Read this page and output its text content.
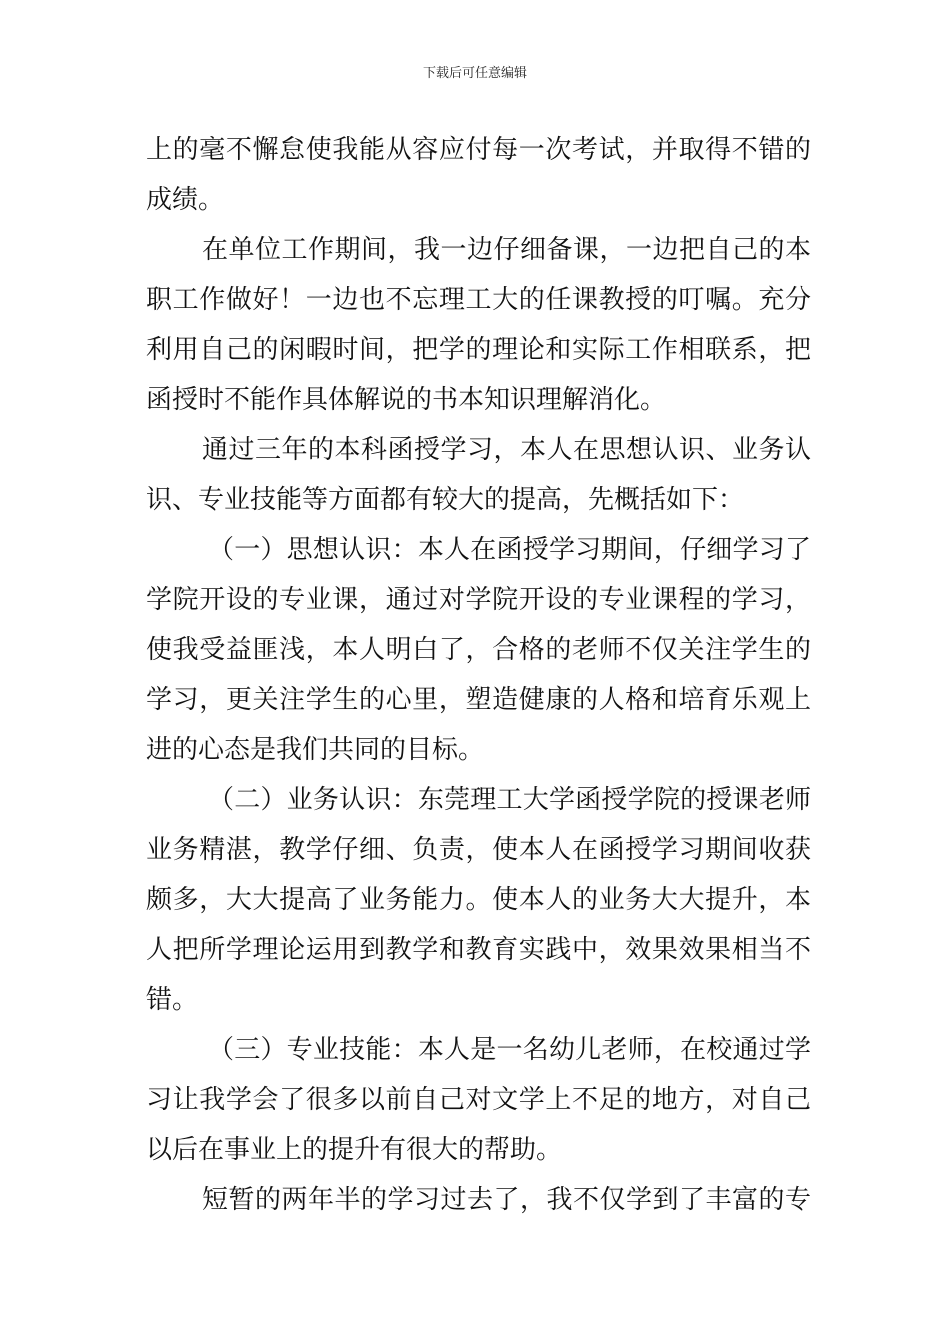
下载后可任意编辑
上的毫不懈怠使我能从容应付每一次考试，并取得不错的
成绩。
在单位工作期间，我一边仔细备课，一边把自己的本
职工作做好！一边也不忘理工大的任课教授的叮嘱。充分
利用自己的闲暇时间，把学的理论和实际工作相联系，把
函授时不能作具体解说的书本知识理解消化。
通过三年的本科函授学习，本人在思想认识、业务认
识、专业技能等方面都有较大的提高，先概括如下：
（一）思想认识：本人在函授学习期间，仔细学习了
学院开设的专业课，通过对学院开设的专业课程的学习，
使我受益匪浅，本人明白了，合格的老师不仅关注学生的
学习，更关注学生的心里，塑造健康的人格和培育乐观上
进的心态是我们共同的目标。
（二）业务认识：东莞理工大学函授学院的授课老师
业务精湛，教学仔细、负责，使本人在函授学习期间收获
颇多，大大提高了业务能力。使本人的业务大大提升，本
人把所学理论运用到教学和教育实践中，效果效果相当不
错。
（三）专业技能：本人是一名幼儿老师，在校通过学
习让我学会了很多以前自己对文学上不足的地方，对自己
以后在事业上的提升有很大的帮助。
短暂的两年半的学习过去了，我不仅学到了丰富的专
